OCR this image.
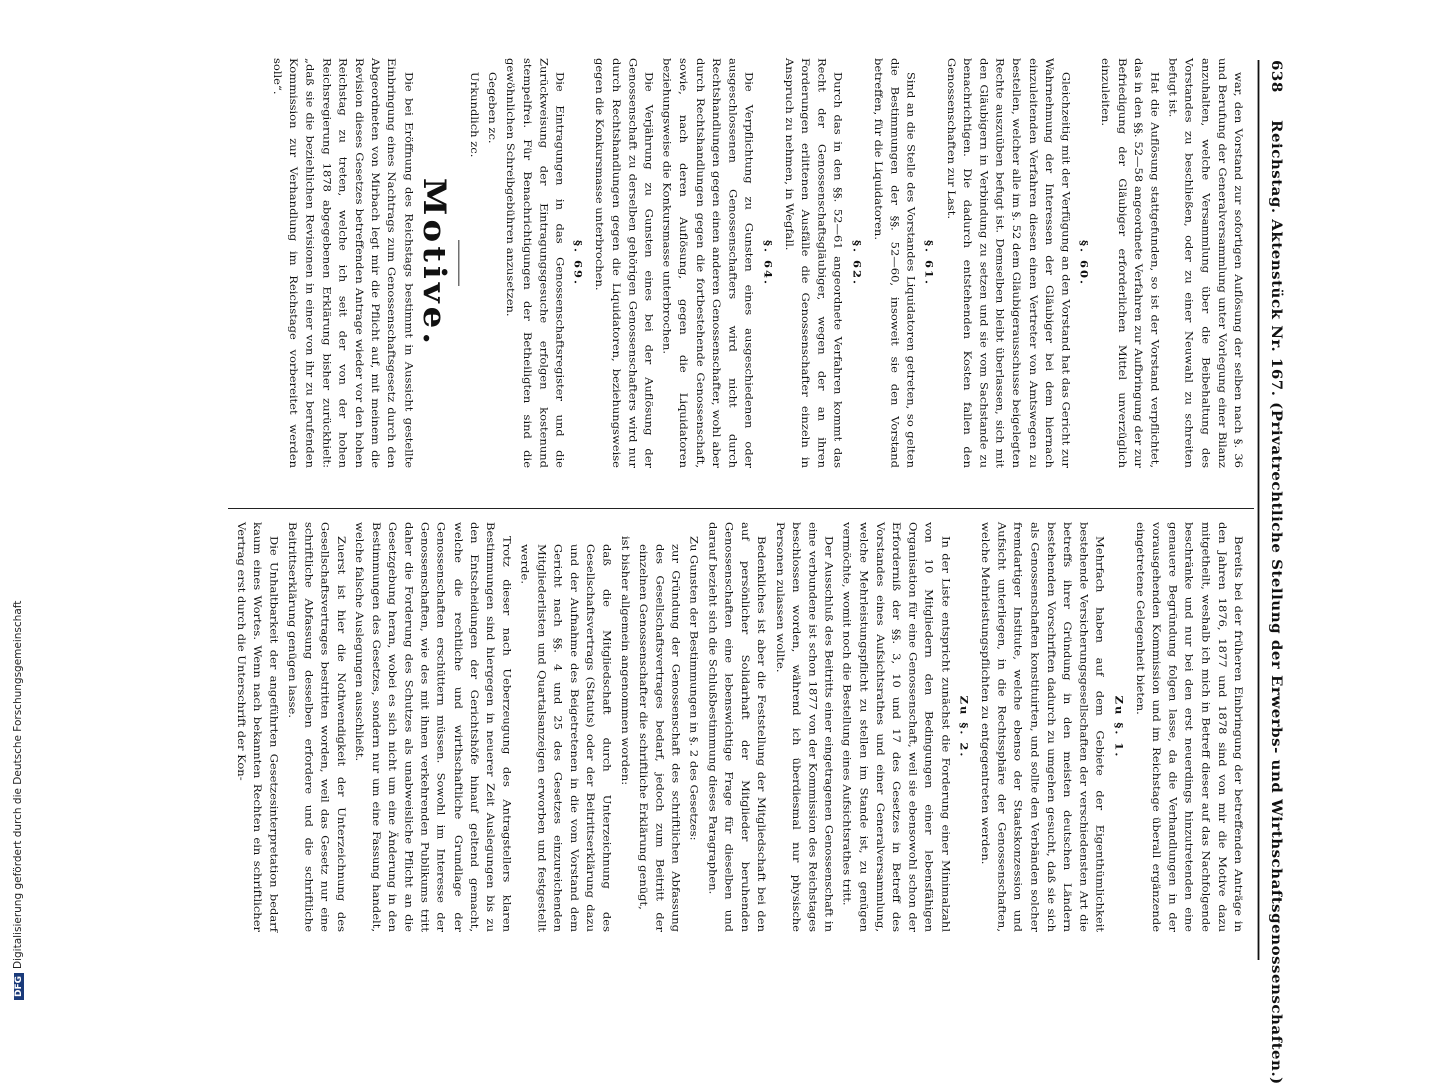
638
Reichstag. Aktenstück Nr. 167. (Privatrechtliche Stellung der Erwerbs- und Wirthschaftsgenossenschaften.)

war, den Vorstand zur sofortigen Auflösung der selben nach §. 36 und Berufung der Generalversammlung unter Vorlegung einer Bilanz anzuhalten, welche Versammlung über die Beibehaltung des Vorstandes zu beschließen, oder zu einer Neuwahl zu schreiten befugt ist.

Hat die Auflösung stattgefunden, so ist der Vorstand verpflichtet, das in den §§. 52—58 angeordnete Verfahren zur Aufbringung der zur Befriedigung der Gläubiger erforderlichen Mittel unverzüglich einzuleiten.

§. 60.

Gleichzeitig mit der Verfügung an den Vorstand hat das Gericht zur Wahrnehmung der Interessen der Gläubiger bei dem hiernach einzuleitenden Verfahren diesen einen Vertreter von Amtswegen zu bestellen, welcher alle im §. 52 dem Gläubigerausschusse beigelegten Rechte auszuüben befugt ist. Demselben bleibt überlassen, sich mit den Gläubigern in Verbindung zu setzen und sie vom Sachstande zu benachrichtigen. Die dadurch entstehenden Kosten fallen den Genossenschaften zur Last.

§. 61.

Sind an die Stelle des Vorstandes Liquidatoren getreten, so gelten die Bestimmungen der §§. 52—60, insoweit sie den Vorstand betreffen, für die Liquidatoren.

§. 62.

Durch das in den §§. 52—61 angeordnete Verfahren kommt das Recht der Genossenschaftsgläubiger, wegen der an ihren Forderungen erlittenen Ausfälle die Genossenschafter einzeln in Anspruch zu nehmen, in Wegfall.

§. 64.

Die Verpflichtung zu Gunsten eines ausgeschiedenen oder ausgeschlossenen Genossenschafters wird nicht durch Rechtshandlungen gegen einen anderen Genossenschafter, wohl aber durch Rechtshandlungen gegen die fortbestehende Genossenschaft, sowie, nach deren Auflösung, gegen die Liquidatoren beziehungsweise die Konkursmasse unterbrochen.

Die Verjährung zu Gunsten eines bei der Auflösung der Genossenschaft zu derselben gehörigen Genossenschafters wird nur durch Rechtshandlungen gegen die Liquidatoren, beziehungsweise gegen die Konkursmasse unterbrochen.

§. 69.

Die Eintragungen in das Genossenschaftsregister und die Zurückweisung der Eintragungsgesuche erfolgen kostenund stempelfrei. Für Benachrichtigungen der Betheiligten sind die gewöhnlichen Schreibgebühren anzusetzen.

Gegeben zc.

Urkundlich zc.

Motive.

Die bei Eröffnung des Reichstags bestimmt in Aussicht gestellte Einbringung eines Nachtrags zum Genossenschaftsgesetz durch den Abgeordneten von Mirbach legt mir die Pflicht auf, mit meinem die Revision dieses Gesetzes betreffenden Antrage wieder vor den hohen Reichstag zu treten, welche ich seit der von der hohen Reichsregierung 1878 abgegebenen Erklärung bisher zurückhielt: „daß sie die beziehlichen Revisionen in einer von ihr zu berufenden Kommission zur Verhandlung im Reichstage vorbereitet werden solle“.

Bereits bei der früheren Einbringung der betreffenden Anträge in den Jahren 1876, 1877 und 1878 sind von mir die Motive dazu mitgetheilt, weshalb ich mich in Betreff dieser auf das Nachfolgende beschränke und nur bei den erst neuerdings hinzutretenden eine genauere Begründung folgen lasse, da die Verhandlungen in der vorausgehenden Kommission und im Reichstage überall ergänzende eingetretene Gelegenheit bieten.

Zu §. 1.

Mehrfach haben auf dem Gebiete der Eigenthümlichkeit bestehende Versicherungsgesellschaften der verschiedensten Art die betreffs ihrer Gründung in den meisten deutschen Ländern bestehenden Vorschriften dadurch zu umgehen gesucht, daß sie sich als Genossenschaften konstituirten, und sollte den Verbänden solcher fremdartiger Institute, welche ebenso der Staatskonzession und Aufsicht unterliegen, in die Rechtssphäre der Genossenschaften, welche Mehrleistungspflichten zu entgegentreten werden.

Zu §. 2.

In der Liste entspricht zunächst die Forderung einer Minimalzahl von 10 Mitgliedern den Bedingungen einer lebensfähigen Organisation für eine Genossenschaft, weil sie ebensowohl schon der Erforderniß der §§. 3, 10 und 17 des Gesetzes in Betreff des Vorstandes eines Aufsichtsrathes und einer Generalversammlung, welche Mehrleistungspflicht zu stellen im Stande ist, zu genügen vermöchte, womit noch die Bestellung eines Aufsichtsrathes tritt.

Der Ausschluß des Beitritts einer eingetragenen Genossenschaft in eine verbundene ist schon 1877 von der Kommission des Reichstages beschlossen worden, während ich überdiesmal nur physische Personen zulassen wollte.

Bedenkliches ist aber die Feststellung der Mitgliedschaft bei den auf persönlicher Solidarhaft der Mitglieder beruhenden Genossenschaften eine lebenswichtige Frage für dieselben und darauf bezieht sich die Schlußbestimmung dieses Paragraphen.

Zu Gunsten der Bestimmungen in §. 2 des Gesetzes:

zur Gründung der Genossenschaft des schriftlichen Abfassung des Gesellschaftsvertrages bedarf, jedoch zum Beitritt der einzelnen Genossenschafter die schriftliche Erklärung genügt,

ist bisher allgemein angenommen worden:

daß die Mitgliedschaft durch Unterzeichnung des Gesellschaftsvertrags (Statuts) oder der Beitrittserklärung dazu und der Aufnahme des Beigetretenen in die vom Vorstand dem Gericht nach §§. 4 und 25 des Gesetzes einzureichenden Mitgliederlisten und Quartalsanzeigen erworben und festgestellt werde.

Trotz dieser nach Ueberzeugung des Antragstellers klaren Bestimmungen sind hiergegen in neuerer Zeit Auslegungen bis zu den Entscheidungen der Gerichtshöfe hinauf geltend gemacht, welche die rechtliche und wirthschaftliche Grundlage der Genossenschaften erschüttern müssen. Sowohl im Interesse der Genossenschaften, wie des mit ihnen verkehrenden Publikums tritt daher die Forderung des Schutzes als unabweisliche Pflicht an die Gesetzgebung heran, wobei es sich nicht um eine Änderung in den Bestimmungen des Gesetzes, sondern nur um eine Fassung handelt, welche falsche Auslegungen ausschließt.

Zuerst ist hier die Nothwendigkeit der Unterzeichnung des Gesellschaftsvertrages bestritten worden, weil das Gesetz nur eine schriftliche Abfassung desselben erfordere und die schriftliche Beitrittserklärung genügen lasse.

Die Unhaltbarkeit der angeführten Gesetzesinterpretation bedarf kaum eines Wortes. Wenn nach bekannten Rechten ein schriftlicher Vertrag erst durch die Unterschrift der Kon-

DFGDigitalisierung gefördert durch die Deutsche Forschungsgemeinschaft
